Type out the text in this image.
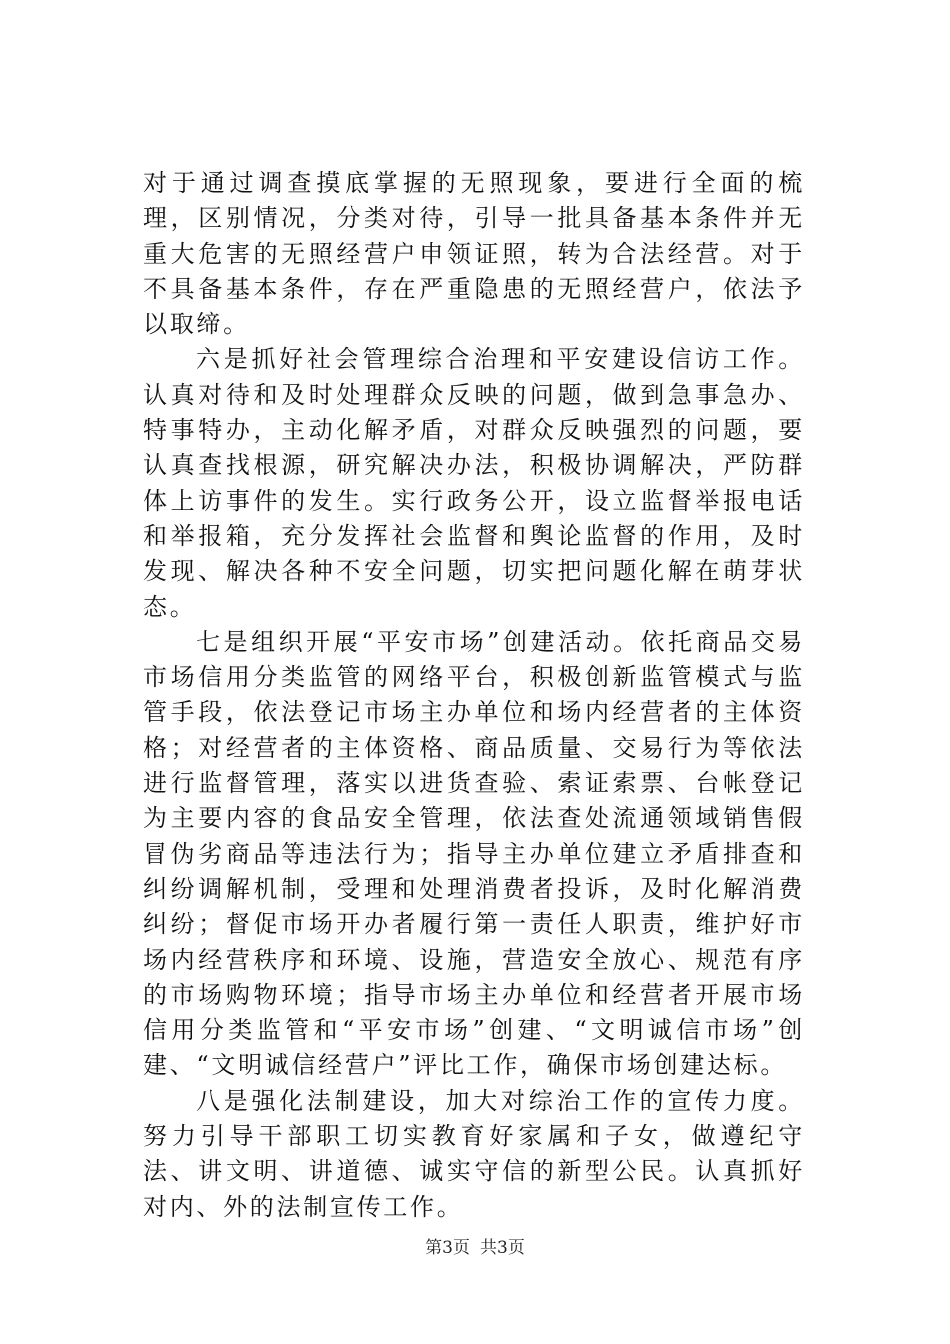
对于通过调查摸底掌握的无照现象，要进行全面的梳理，区别情况，分类对待，引导一批具备基本条件并无重大危害的无照经营户申领证照，转为合法经营。对于不具备基本条件，存在严重隐患的无照经营户，依法予以取缔。

六是抓好社会管理综合治理和平安建设信访工作。认真对待和及时处理群众反映的问题，做到急事急办、特事特办，主动化解矛盾，对群众反映强烈的问题，要认真查找根源，研究解决办法，积极协调解决，严防群体上访事件的发生。实行政务公开，设立监督举报电话和举报箱，充分发挥社会监督和舆论监督的作用，及时发现、解决各种不安全问题，切实把问题化解在萌芽状态。

七是组织开展“平安市场”创建活动。依托商品交易市场信用分类监管的网络平台，积极创新监管模式与监管手段，依法登记市场主办单位和场内经营者的主体资格；对经营者的主体资格、商品质量、交易行为等依法进行监督管理，落实以进货查验、索证索票、台帐登记为主要内容的食品安全管理，依法查处流通领域销售假冒伪劣商品等违法行为；指导主办单位建立矛盾排查和纠纷调解机制，受理和处理消费者投诉，及时化解消费纠纷；督促市场开办者履行第一责任人职责，维护好市场内经营秩序和环境、设施，营造安全放心、规范有序的市场购物环境；指导市场主办单位和经营者开展市场信用分类监管和“平安市场”创建、“文明诚信市场”创建、“文明诚信经营户”评比工作，确保市场创建达标。

八是强化法制建设，加大对综治工作的宣传力度。努力引导干部职工切实教育好家属和子女，做遵纪守法、讲文明、讲道德、诚实守信的新型公民。认真抓好对内、外的法制宣传工作。

第3页 共3页
